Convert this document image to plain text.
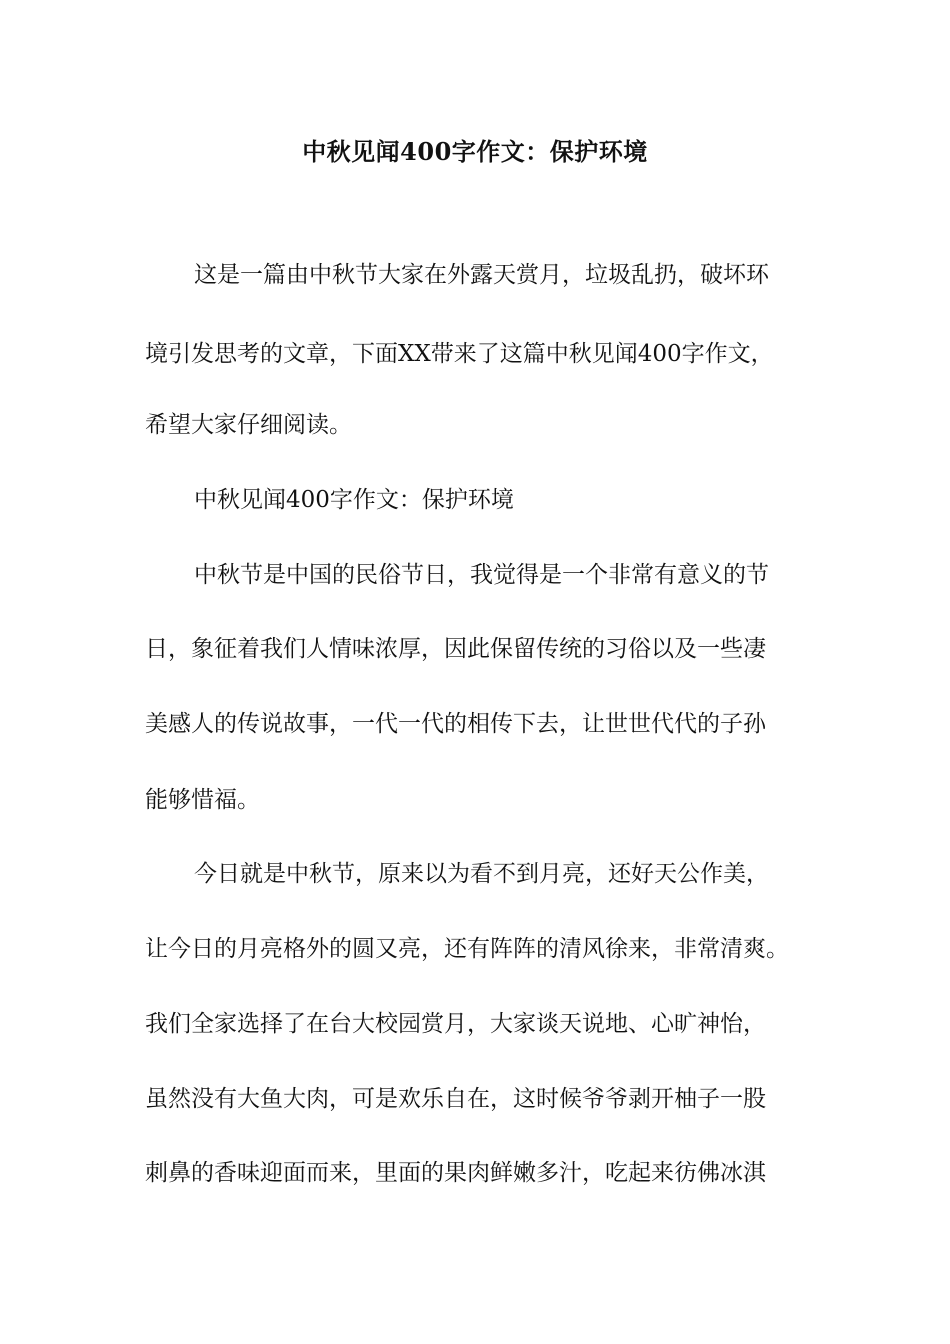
中秋见闻400字作文：保护环境
这是一篇由中秋节大家在外露天赏月，垃圾乱扔，破坏环
境引发思考的文章，下面XX带来了这篇中秋见闻400字作文，
希望大家仔细阅读。
中秋见闻400字作文：保护环境
中秋节是中国的民俗节日，我觉得是一个非常有意义的节
日，象征着我们人情味浓厚，因此保留传统的习俗以及一些凄
美感人的传说故事，一代一代的相传下去，让世世代代的子孙
能够惜福。
今日就是中秋节，原来以为看不到月亮，还好天公作美，
让今日的月亮格外的圆又亮，还有阵阵的清风徐来，非常清爽。
我们全家选择了在台大校园赏月，大家谈天说地、心旷神怡，
虽然没有大鱼大肉，可是欢乐自在，这时候爷爷剥开柚子一股
刺鼻的香味迎面而来，里面的果肉鲜嫩多汁，吃起来彷佛冰淇
